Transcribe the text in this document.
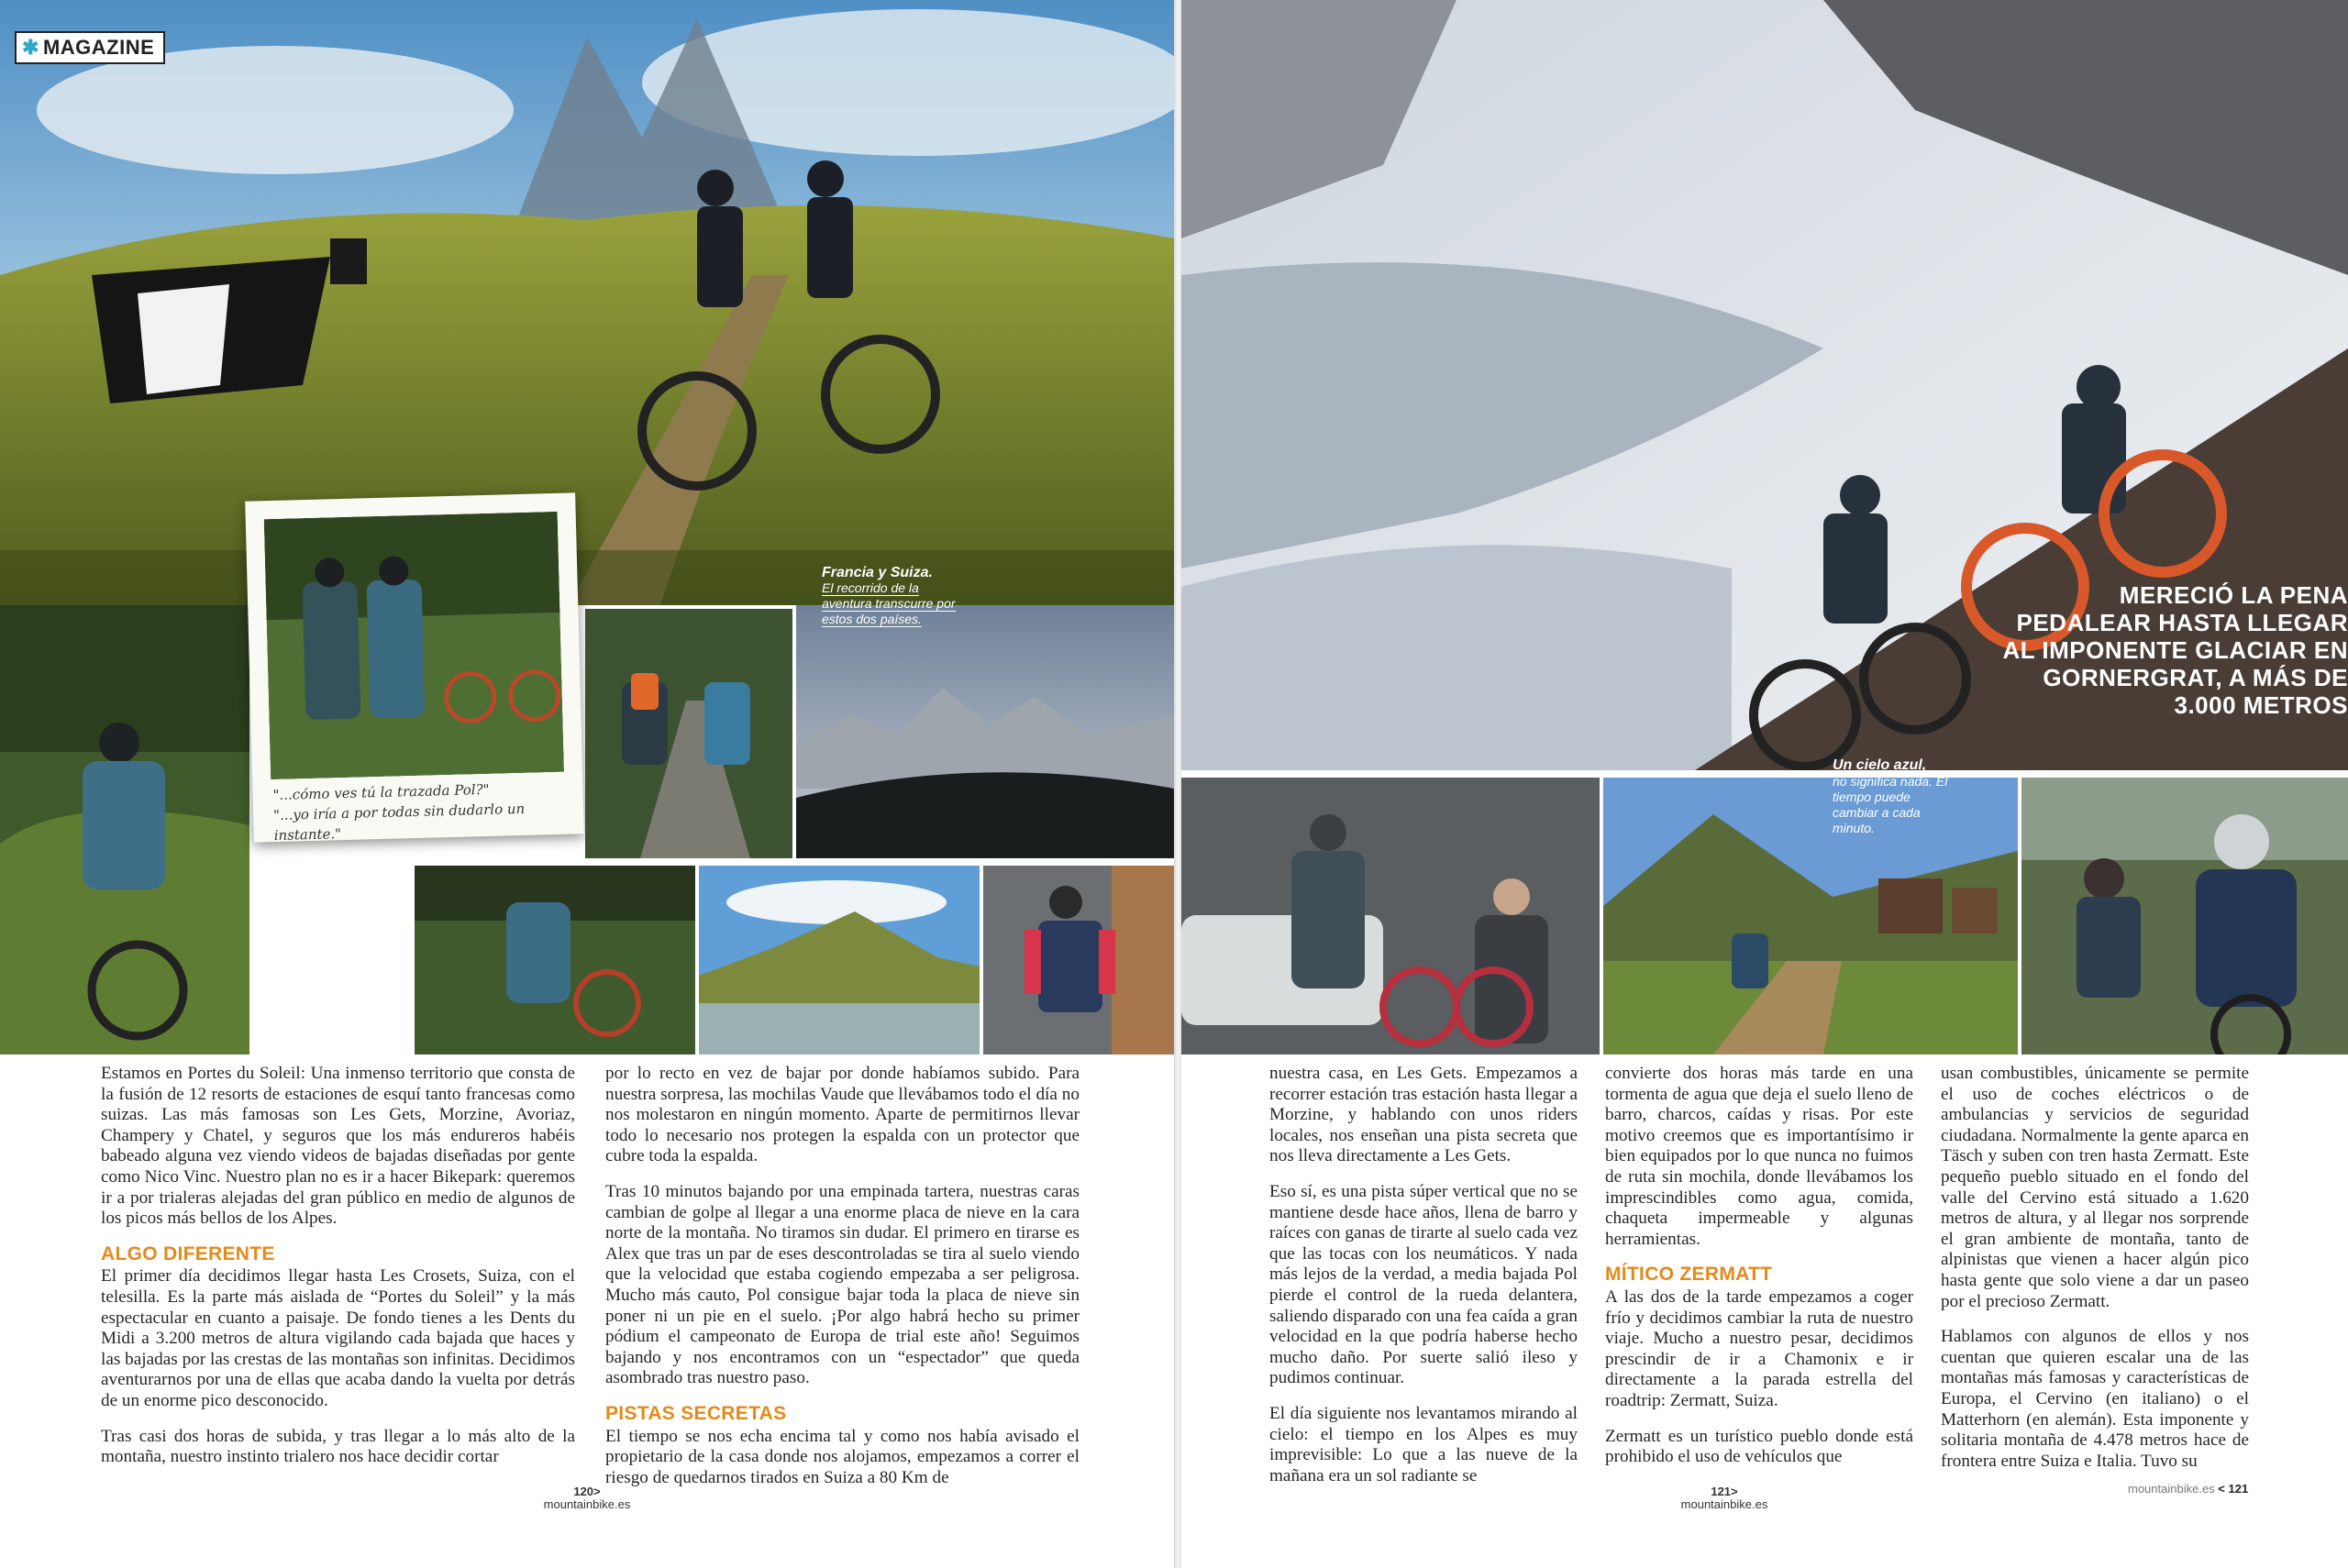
✱ MAGAZINE
"...cómo ves tú la trazada Pol?"
"...yo iría a por todas sin dudarlo un instante."
Francia y Suiza.
El recorrido de la aventura transcurre por estos dos países.
MERECIÓ LA PENA PEDALEAR HASTA LLEGAR AL IMPONENTE GLACIAR EN GORNERGRAT, A MÁS DE 3.000 METROS
Un cielo azul,
no significa nada. El tiempo puede cambiar a cada minuto.

Estamos en Portes du Soleil: Una inmenso territorio que consta de la fusión de 12 resorts de estaciones de esquí tanto francesas como suizas. Las más famosas son Les Gets, Morzine, Avoriaz, Champery y Chatel, y seguros que los más endureros habéis babeado alguna vez viendo videos de bajadas diseñadas por gente como Nico Vinc. Nuestro plan no es ir a hacer Bikepark: queremos ir a por trialeras alejadas del gran público en medio de algunos de los picos más bellos de los Alpes.

ALGO DIFERENTE

El primer día decidimos llegar hasta Les Crosets, Suiza, con el telesilla. Es la parte más aislada de “Portes du Soleil” y la más espectacular en cuanto a paisaje. De fondo tienes a les Dents du Midi a 3.200 metros de altura vigilando cada bajada que haces y las bajadas por las crestas de las montañas son infinitas. Decidimos aventurarnos por una de ellas que acaba dando la vuelta por detrás de un enorme pico desconocido.

Tras casi dos horas de subida, y tras llegar a lo más alto de la montaña, nuestro instinto trialero nos hace decidir cortar

por lo recto en vez de bajar por donde habíamos subido. Para nuestra sorpresa, las mochilas Vaude que llevábamos todo el día no nos molestaron en ningún momento. Aparte de permitirnos llevar todo lo necesario nos protegen la espalda con un protector que cubre toda la espalda.

Tras 10 minutos bajando por una empinada tartera, nuestras caras cambian de golpe al llegar a una enorme placa de nieve en la cara norte de la montaña. No tiramos sin dudar. El primero en tirarse es Alex que tras un par de eses descontroladas se tira al suelo viendo que la velocidad que estaba cogiendo empezaba a ser peligrosa. Mucho más cauto, Pol consigue bajar toda la placa de nieve sin poner ni un pie en el suelo. ¡Por algo habrá hecho su primer pódium el campeonato de Europa de trial este año! Seguimos bajando y nos encontramos con un “espectador” que queda asombrado tras nuestro paso.

PISTAS SECRETAS

El tiempo se nos echa encima tal y como nos había avisado el propietario de la casa donde nos alojamos, empezamos a correr el riesgo de quedarnos tirados en Suiza a 80 Km de

nuestra casa, en Les Gets. Empezamos a recorrer estación tras estación hasta llegar a Morzine, y hablando con unos riders locales, nos enseñan una pista secreta que nos lleva directamente a Les Gets.

Eso sí, es una pista súper vertical que no se mantiene desde hace años, llena de barro y raíces con ganas de tirarte al suelo cada vez que las tocas con los neumáticos. Y nada más lejos de la verdad, a media bajada Pol pierde el control de la rueda delantera, saliendo disparado con una fea caída a gran velocidad en la que podría haberse hecho mucho daño. Por suerte salió ileso y pudimos continuar.

El día siguiente nos levantamos mirando al cielo: el tiempo en los Alpes es muy imprevisible: Lo que a las nueve de la mañana era un sol radiante se

convierte dos horas más tarde en una tormenta de agua que deja el suelo lleno de barro, charcos, caídas y risas. Por este motivo creemos que es importantísimo ir bien equipados por lo que nunca no fuimos de ruta sin mochila, donde llevábamos los imprescindibles como agua, comida, chaqueta impermeable y algunas herramientas.

MÍTICO ZERMATT

A las dos de la tarde empezamos a coger frío y decidimos cambiar la ruta de nuestro viaje. Mucho a nuestro pesar, decidimos prescindir de ir a Chamonix e ir directamente a la parada estrella del roadtrip: Zermatt, Suiza.

Zermatt es un turístico pueblo donde está prohibido el uso de vehículos que

usan combustibles, únicamente se permite el uso de coches eléctricos o de ambulancias y servicios de seguridad ciudadana. Normalmente la gente aparca en Täsch y suben con tren hasta Zermatt. Este pequeño pueblo situado en el fondo del valle del Cervino está situado a 1.620 metros de altura, y al llegar nos sorprende el gran ambiente de montaña, tanto de alpinistas que vienen a hacer algún pico hasta gente que solo viene a dar un paseo por el precioso Zermatt.

Hablamos con algunos de ellos y nos cuentan que quieren escalar una de las montañas más famosas y características de Europa, el Cervino (en italiano) o el Matterhorn (en alemán). Esta imponente y solitaria montaña de 4.478 metros hace de frontera entre Suiza e Italia. Tuvo su

120>
mountainbike.es
121>
mountainbike.es
mountainbike.es < 121
